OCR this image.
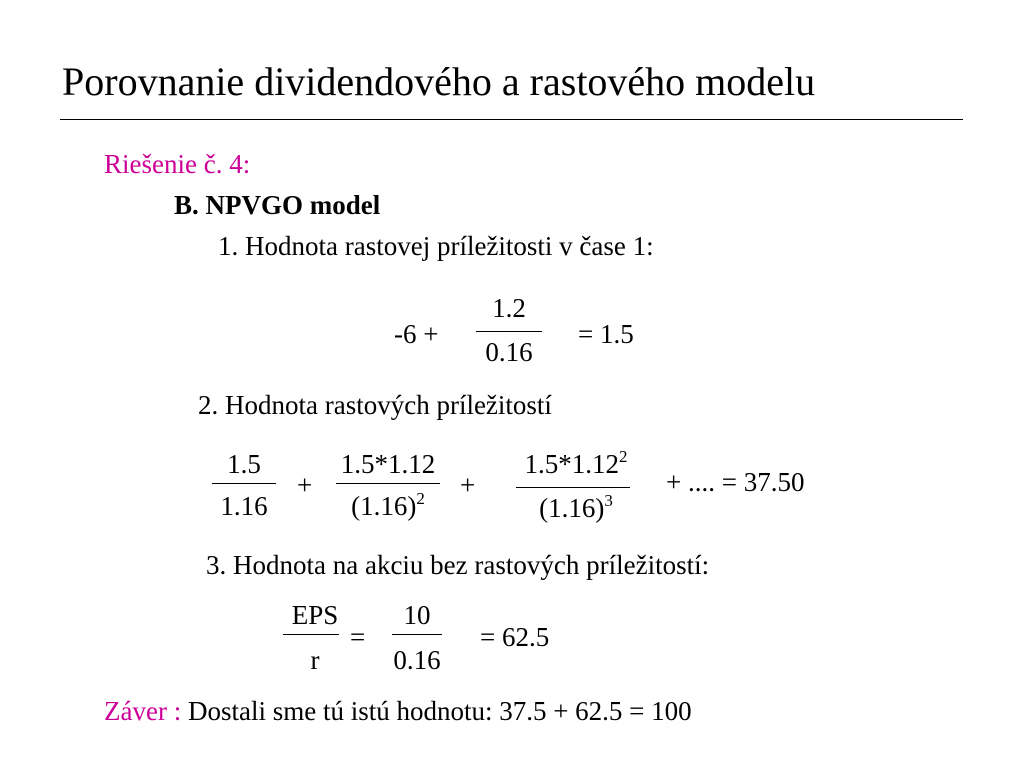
Porovnanie dividendového a rastového modelu
Riešenie č. 4:
B. NPVGO model
1. Hodnota rastovej príležitosti v čase 1:
-6 +
1.2
0.16
= 1.5
2. Hodnota rastových príležitostí
1.5
1.16
+
1.5*1.12
$(1.16)^2$	+
$1.5*1.12^2$
$(1.16)^3$
+ .... = 37.50
3. Hodnota na akciu bez rastových príležitostí:
EPS
r
=
10
0.16
= 62.5
Záver : Dostali sme tú istú hodnotu: 37.5 + 62.5 = 100
